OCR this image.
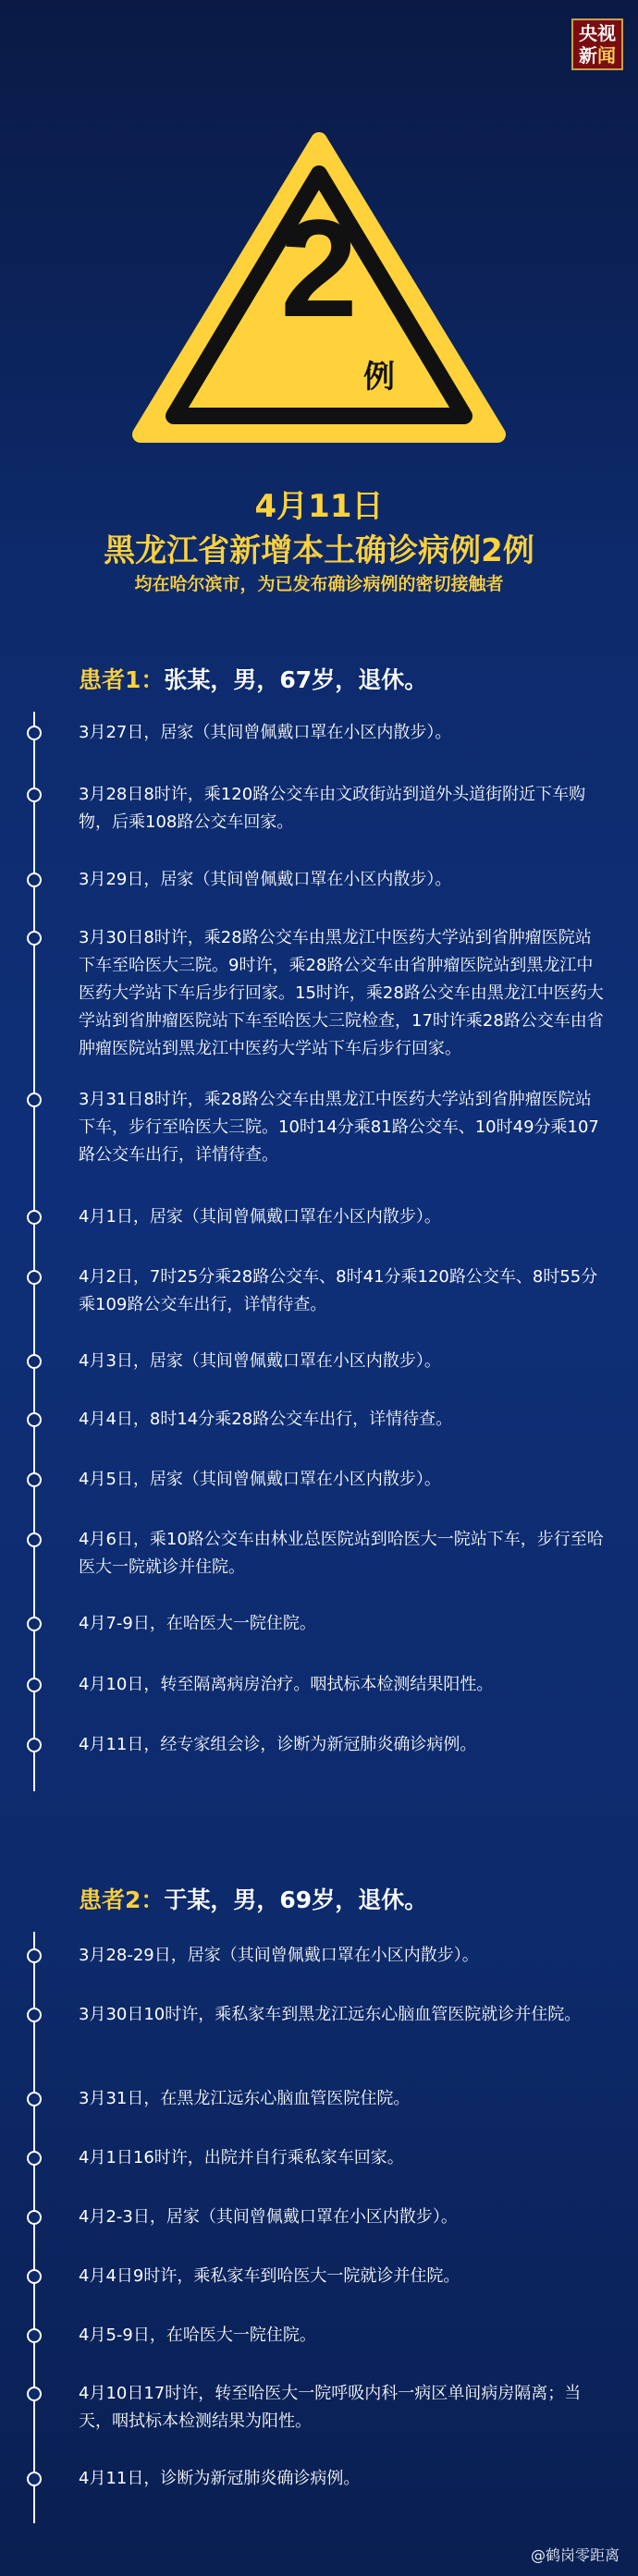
央视
新闻
2
例
4月11日
黑龙江省新增本土确诊病例2例
均在哈尔滨市，为已发布确诊病例的密切接触者
患者1：张某，男，67岁，退休。
3月27日，居家（其间曾佩戴口罩在小区内散步）。
3月28日8时许，乘120路公交车由文政街站到道外头道街附近下车购物，后乘108路公交车回家。
3月29日，居家（其间曾佩戴口罩在小区内散步）。
3月30日8时许，乘28路公交车由黑龙江中医药大学站到省肿瘤医院站下车至哈医大三院。9时许，乘28路公交车由省肿瘤医院站到黑龙江中医药大学站下车后步行回家。15时许，乘28路公交车由黑龙江中医药大学站到省肿瘤医院站下车至哈医大三院检查，17时许乘28路公交车由省肿瘤医院站到黑龙江中医药大学站下车后步行回家。
3月31日8时许，乘28路公交车由黑龙江中医药大学站到省肿瘤医院站下车，步行至哈医大三院。10时14分乘81路公交车、10时49分乘107路公交车出行，详情待查。
4月1日，居家（其间曾佩戴口罩在小区内散步）。
4月2日，7时25分乘28路公交车、8时41分乘120路公交车、8时55分乘109路公交车出行，详情待查。
4月3日，居家（其间曾佩戴口罩在小区内散步）。
4月4日，8时14分乘28路公交车出行，详情待查。
4月5日，居家（其间曾佩戴口罩在小区内散步）。
4月6日，乘10路公交车由林业总医院站到哈医大一院站下车，步行至哈医大一院就诊并住院。
4月7-9日，在哈医大一院住院。
4月10日，转至隔离病房治疗。咽拭标本检测结果阳性。
4月11日，经专家组会诊，诊断为新冠肺炎确诊病例。
患者2：于某，男，69岁，退休。
3月28-29日，居家（其间曾佩戴口罩在小区内散步）。
3月30日10时许，乘私家车到黑龙江远东心脑血管医院就诊并住院。
3月31日，在黑龙江远东心脑血管医院住院。
4月1日16时许，出院并自行乘私家车回家。
4月2-3日，居家（其间曾佩戴口罩在小区内散步）。
4月4日9时许，乘私家车到哈医大一院就诊并住院。
4月5-9日，在哈医大一院住院。
4月10日17时许，转至哈医大一院呼吸内科一病区单间病房隔离；当天，咽拭标本检测结果为阳性。
4月11日，诊断为新冠肺炎确诊病例。
@鹤岗零距离
